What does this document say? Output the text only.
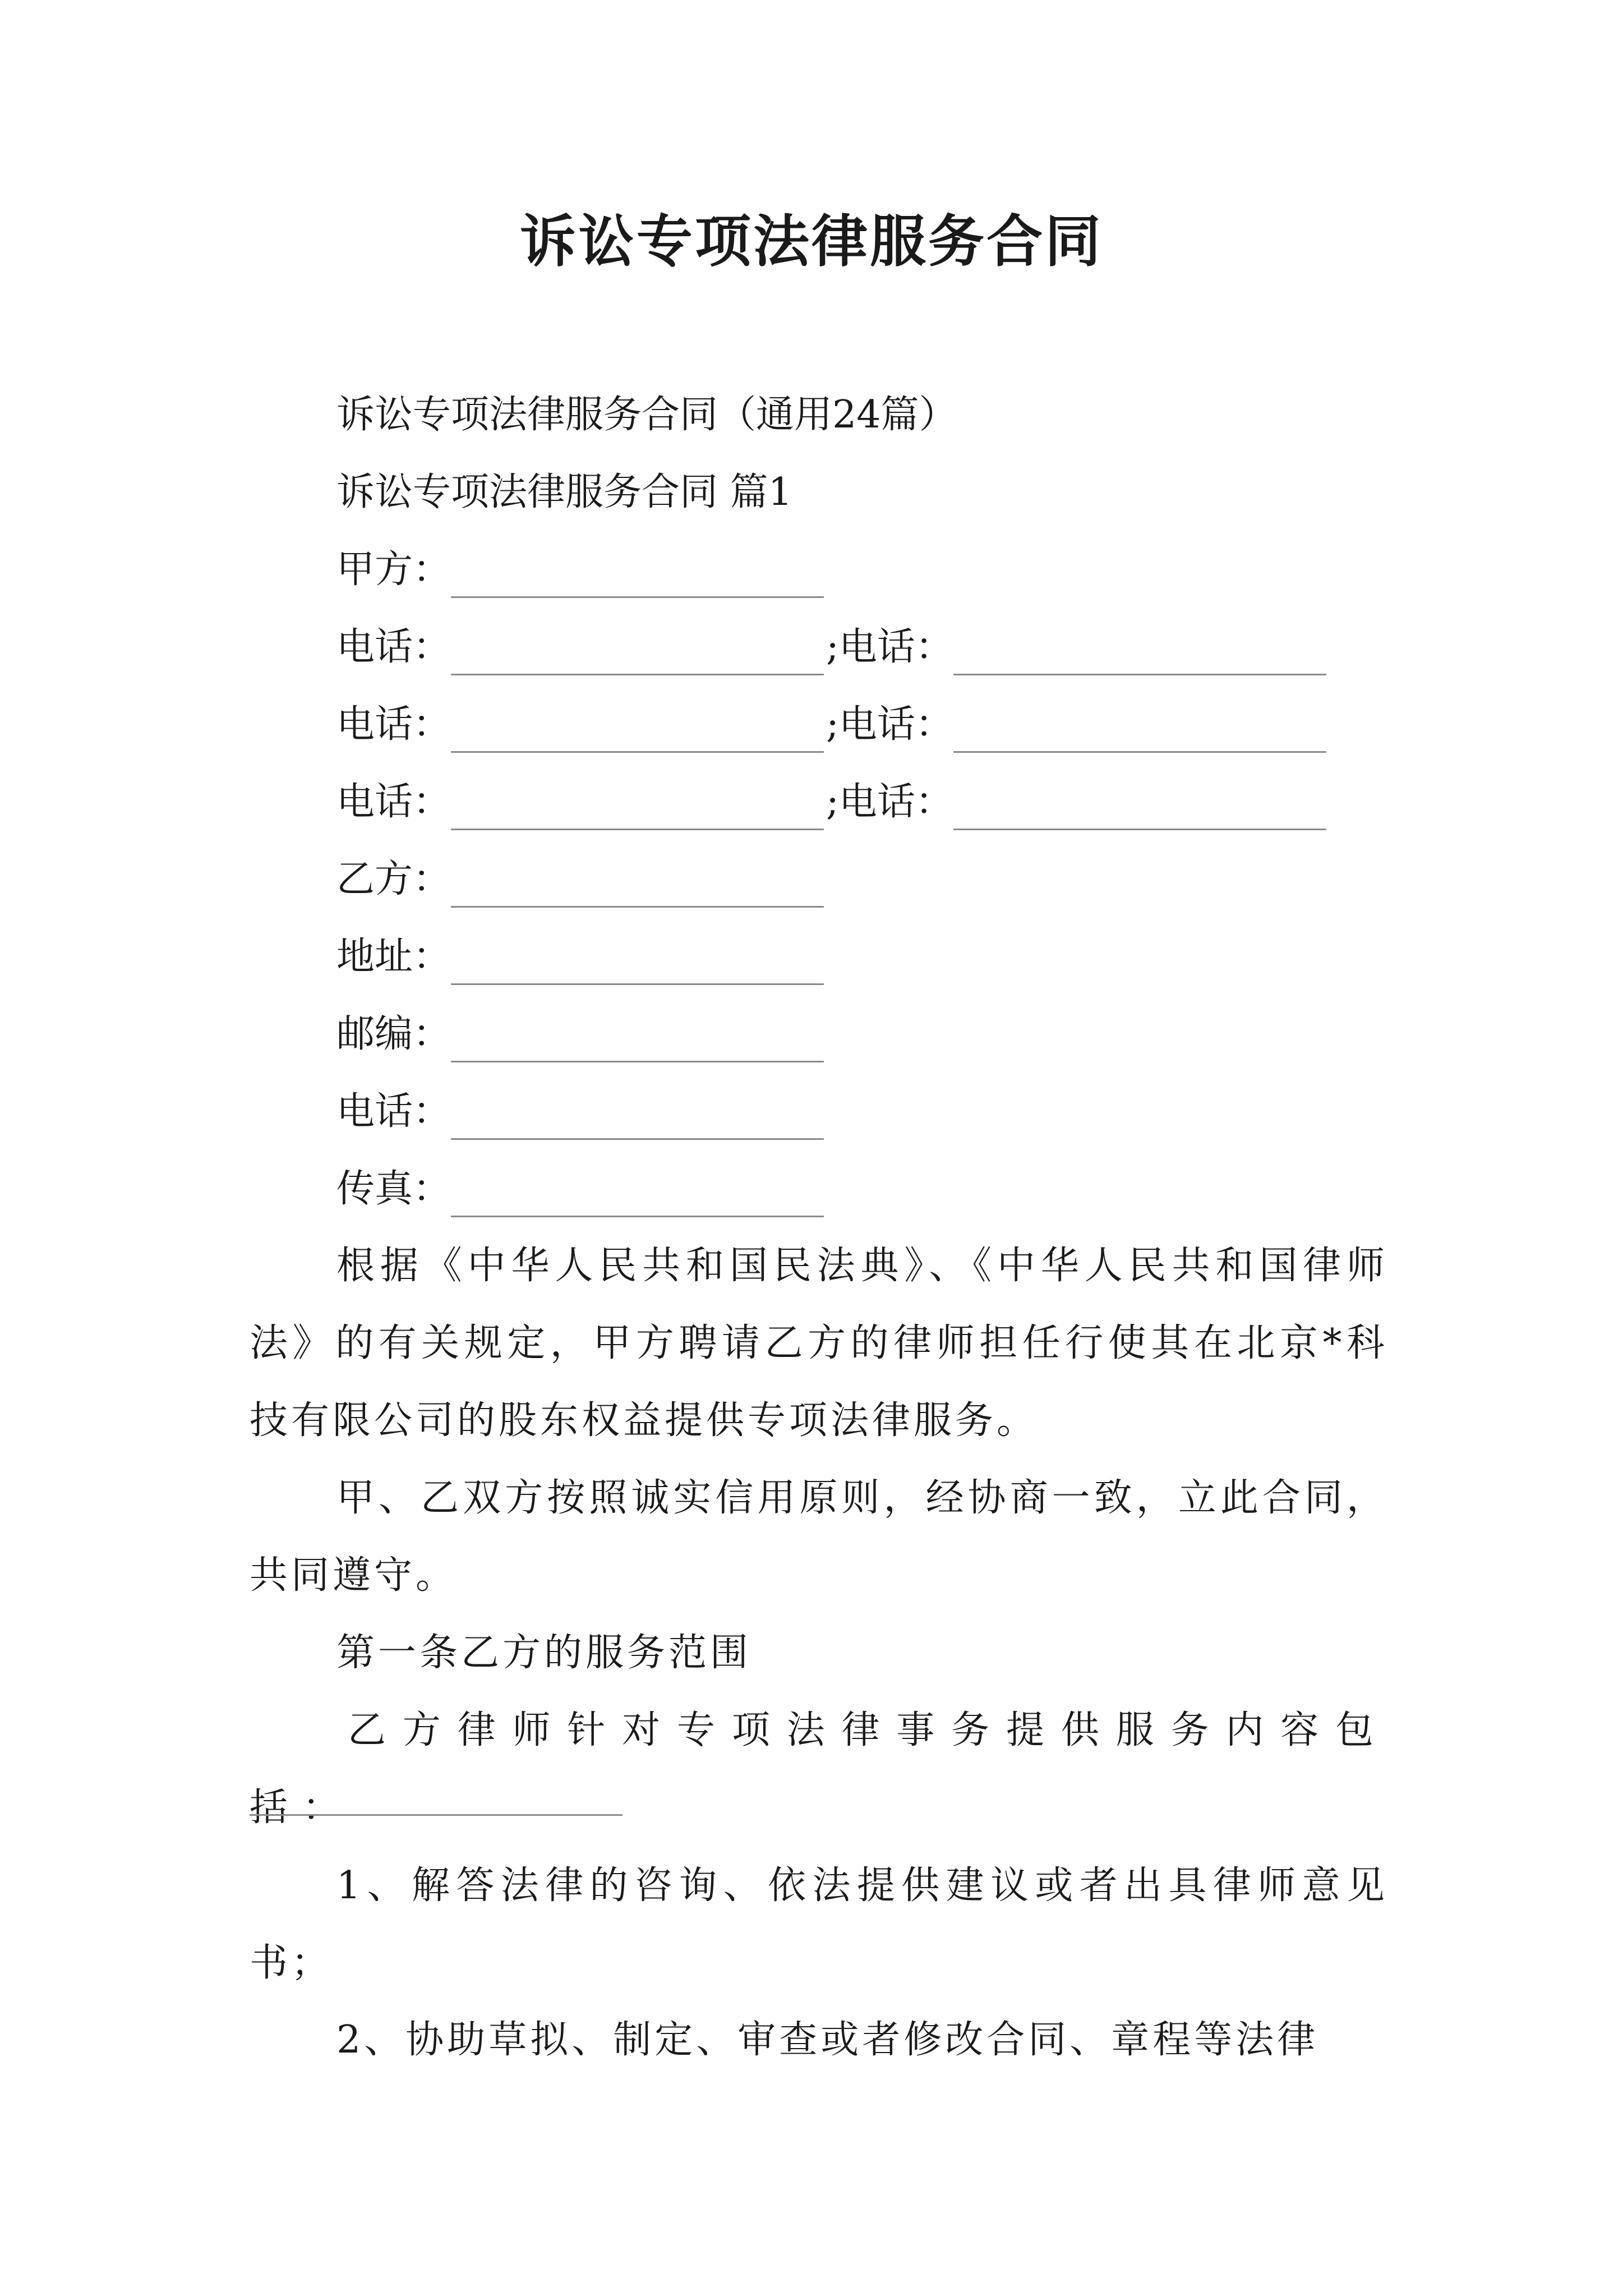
诉讼专项法律服务合同
诉讼专项法律服务合同（通用24篇）
诉讼专项法律服务合同 篇1
甲方：
电话：	;电话：
电话：	;电话：
电话：	;电话：
乙方：
地址：
邮编：
电话：
传真：
根据《中华人民共和国民法典》、《中华人民共和国律师法》的有关规定，甲方聘请乙方的律师担任行使其在北京*科技有限公司的股东权益提供专项法律服务。
甲、乙双方按照诚实信用原则，经协商一致，立此合同，共同遵守。
第一条乙方的服务范围
乙方律师针对专项法律事务提供服务内容包括：
1、解答法律的咨询、依法提供建议或者出具律师意见书；
2、协助草拟、制定、审查或者修改合同、章程等法律
